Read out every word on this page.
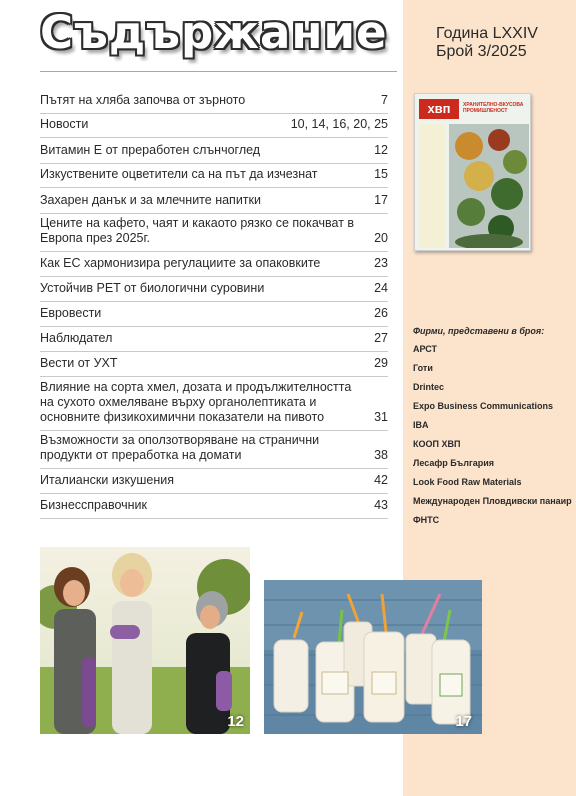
Съдържание	Година LXXIV
Брой 3/2025
Пътят на хляба започва от зърното	7
Новости	10, 14, 16, 20, 25
Витамин Е от преработен слънчоглед	12
Изкуствените оцветители са на път да изчезнат	15
Захарен данък и за млечните напитки	17
Цените на кафето, чаят и какаото рязко се покачват в Европа през 2025г.	20
Как ЕС хармонизира регулациите за опаковките	23
Устойчив PET от биологични суровини	24
Евровести	26
Наблюдател	27
Вести от УХТ	29
Влияние на сорта хмел, дозата и продължителността на сухото охмеляване върху органолептиката и основните физикохимични показатели на пивото	31
Възможности за оползотворяване на странични продукти от преработка на домати	38
Италиански изкушения	42
Бизнессправочник	43
хвп	ХРАНИТЕЛНО-ВКУСОВА ПРОМИШЛЕНОСТ
Фирми, представени в броя:
АРСТ
Готи
Drintec
Expo Business Communications
IBA
КООП ХВП
Лесафр България
Look Food Raw Materials
Международен Пловдивски панаир
ФНТС
12	17
